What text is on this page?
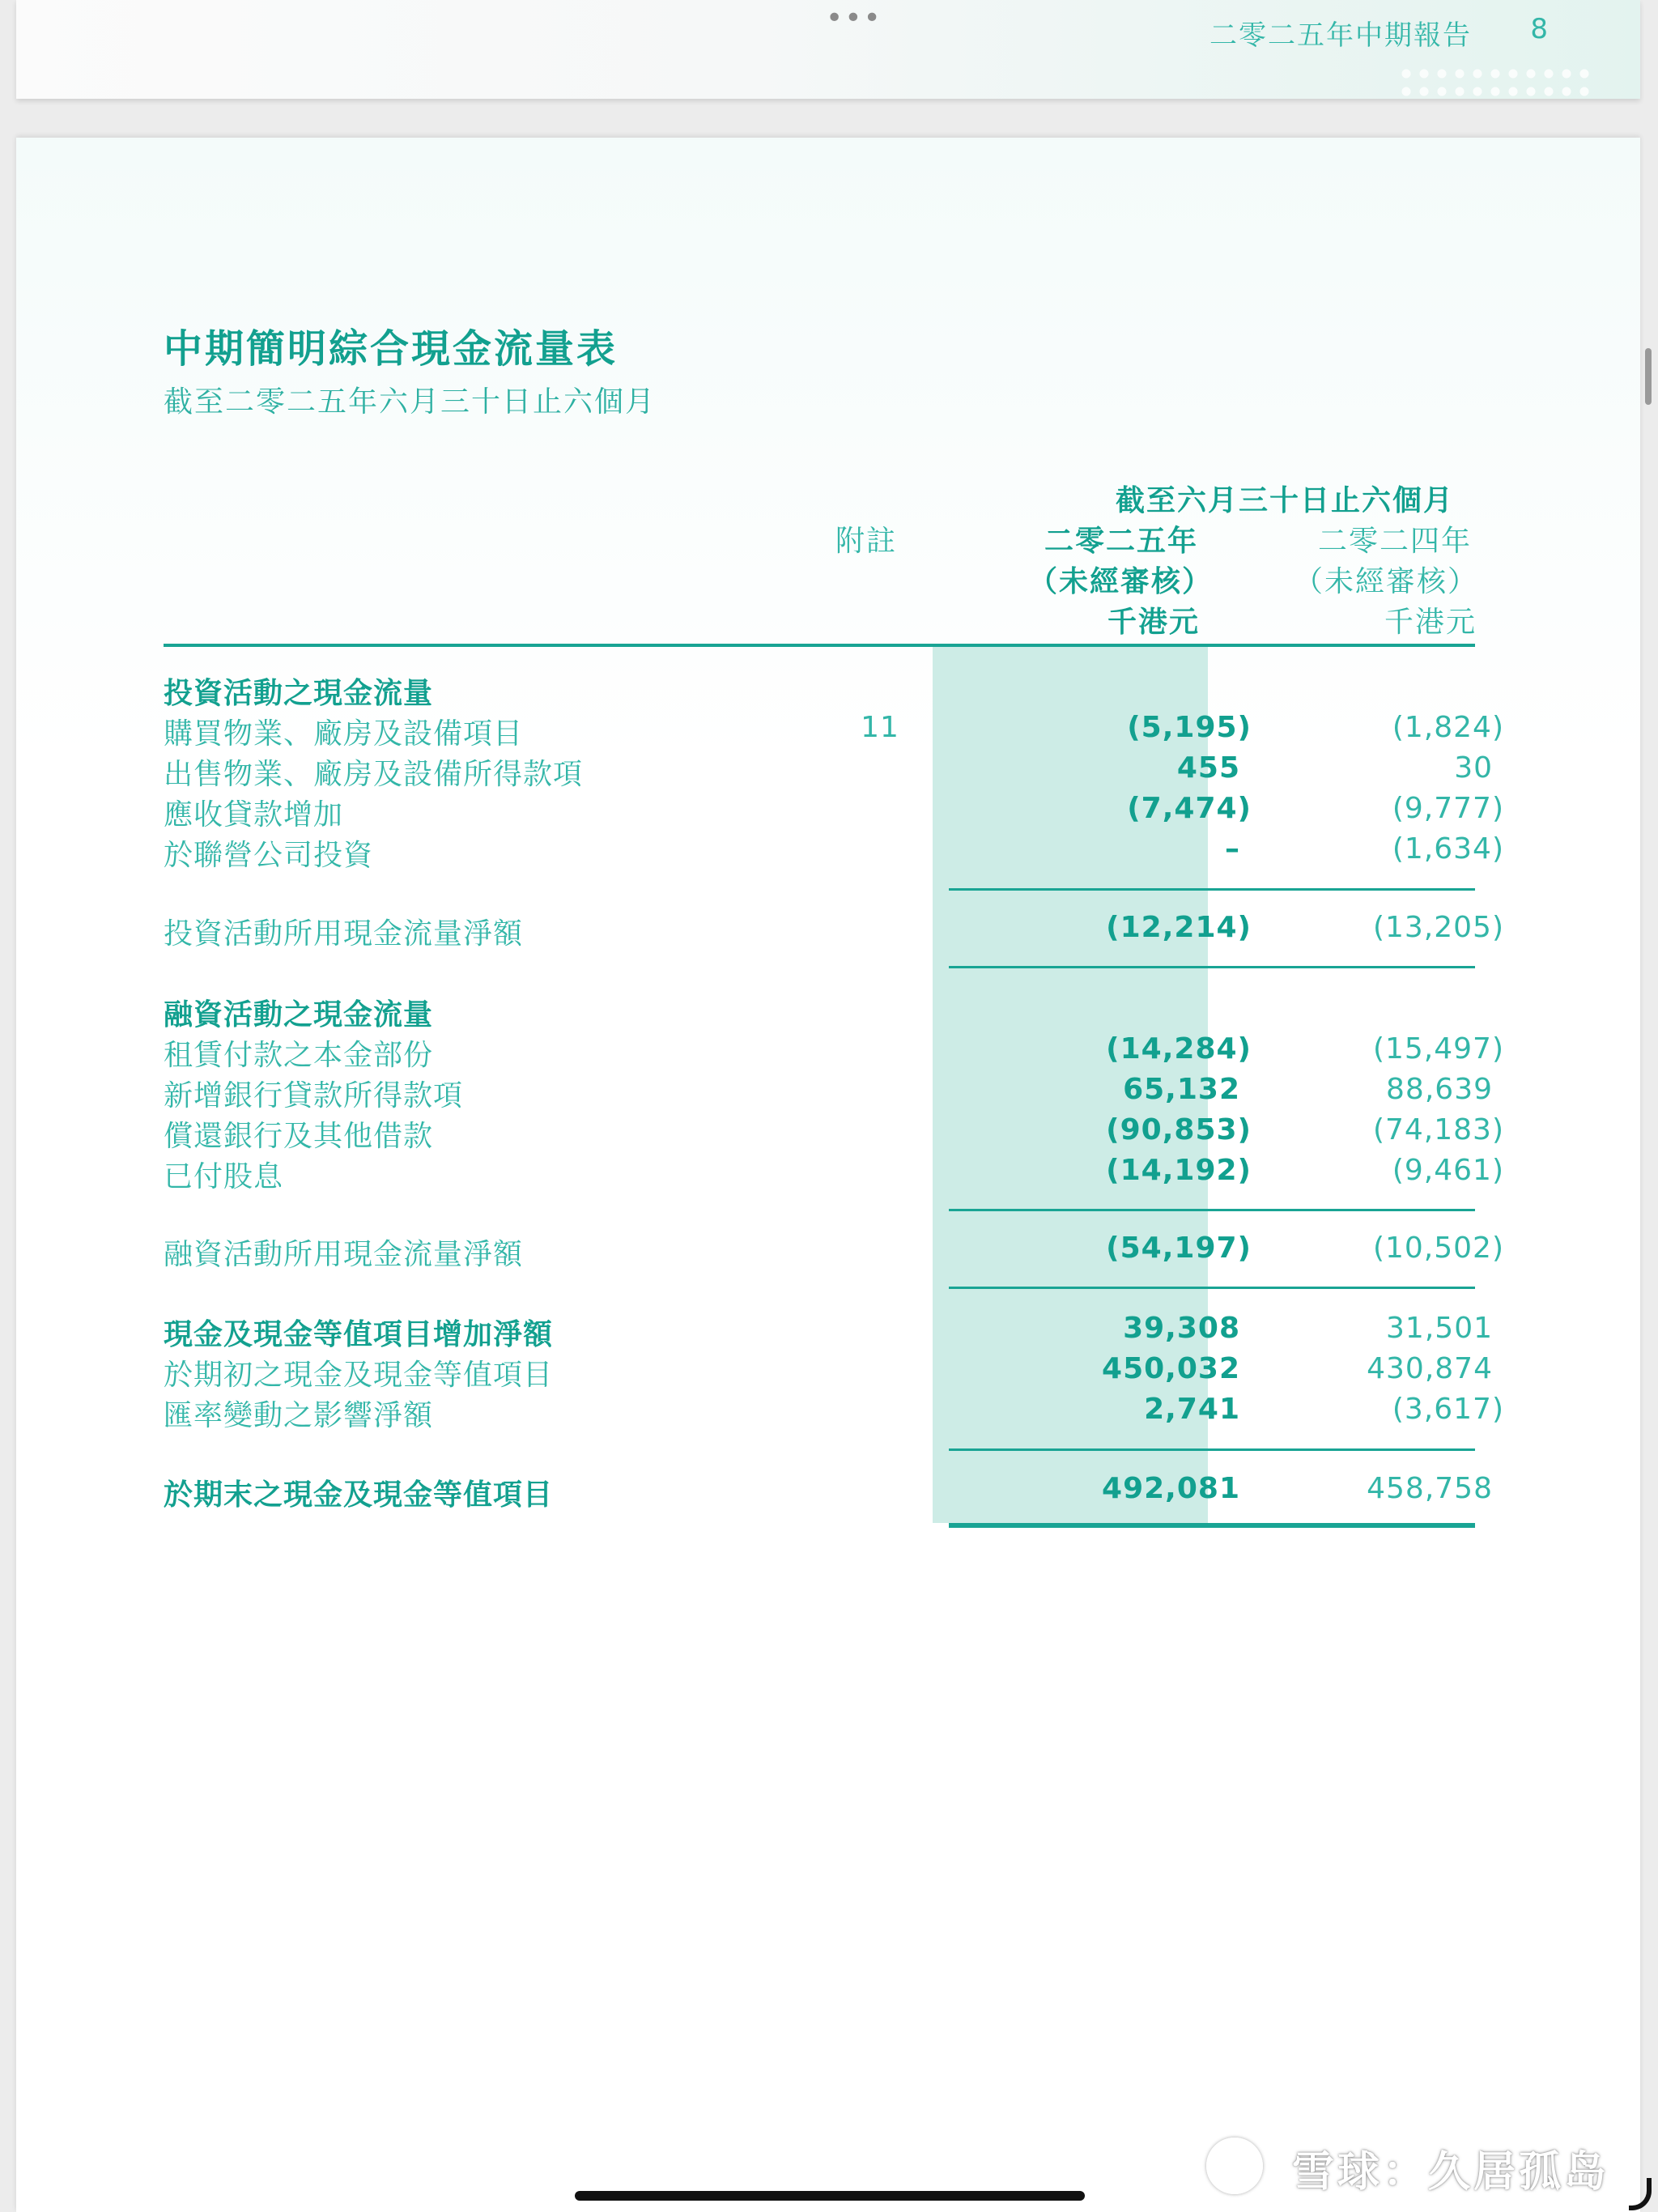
•••
二零二五年中期報告 8
中期簡明綜合現金流量表
截至二零二五年六月三十日止六個月
截至六月三十日止六個月
附註	二零二五年	二零二四年
（未經審核）	（未經審核）
千港元	千港元
投資活動之現金流量
購買物業、廠房及設備項目	11	(5,195)	(1,824)
出售物業、廠房及設備所得款項	455	30
應收貸款增加	(7,474)	(9,777)
於聯營公司投資	–	(1,634)
投資活動所用現金流量淨額	(12,214)	(13,205)
融資活動之現金流量
租賃付款之本金部份	(14,284)	(15,497)
新增銀行貸款所得款項	65,132	88,639
償還銀行及其他借款	(90,853)	(74,183)
已付股息	(14,192)	(9,461)
融資活動所用現金流量淨額	(54,197)	(10,502)
現金及現金等值項目增加淨額	39,308	31,501
於期初之現金及現金等值項目	450,032	430,874
匯率變動之影響淨額	2,741	(3,617)
於期末之現金及現金等值項目	492,081	458,758
雪球：久居孤岛
